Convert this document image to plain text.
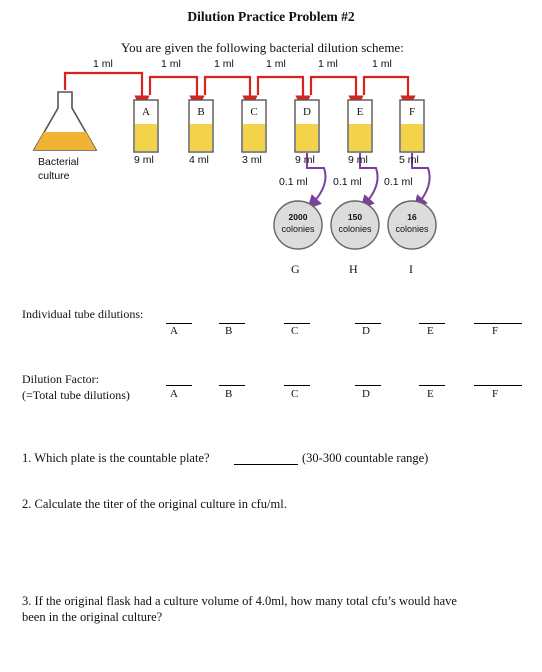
Dilution Practice Problem #2
You are given the following bacterial dilution scheme:
1 ml	1 ml	1 ml	1 ml	1 ml	1 ml
A	B	C	D	E	F
Bacterial
culture
9 ml	4 ml	3 ml	9 ml	9 ml	5 ml
0.1 ml 0.1 ml 0.1 ml
2000
colonies
150
colonies
16
colonies
G	H	I
Individual tube dilutions:
A	B	C	D	E	F
Dilution Factor:
(=Total tube dilutions)	A	B	C	D	E	F
1. Which plate is the countable plate?	(30-300 countable range)
2. Calculate the titer of the original culture in cfu/ml.
3. If the original flask had a culture volume of 4.0ml, how many total cfu’s would have
been in the original culture?
